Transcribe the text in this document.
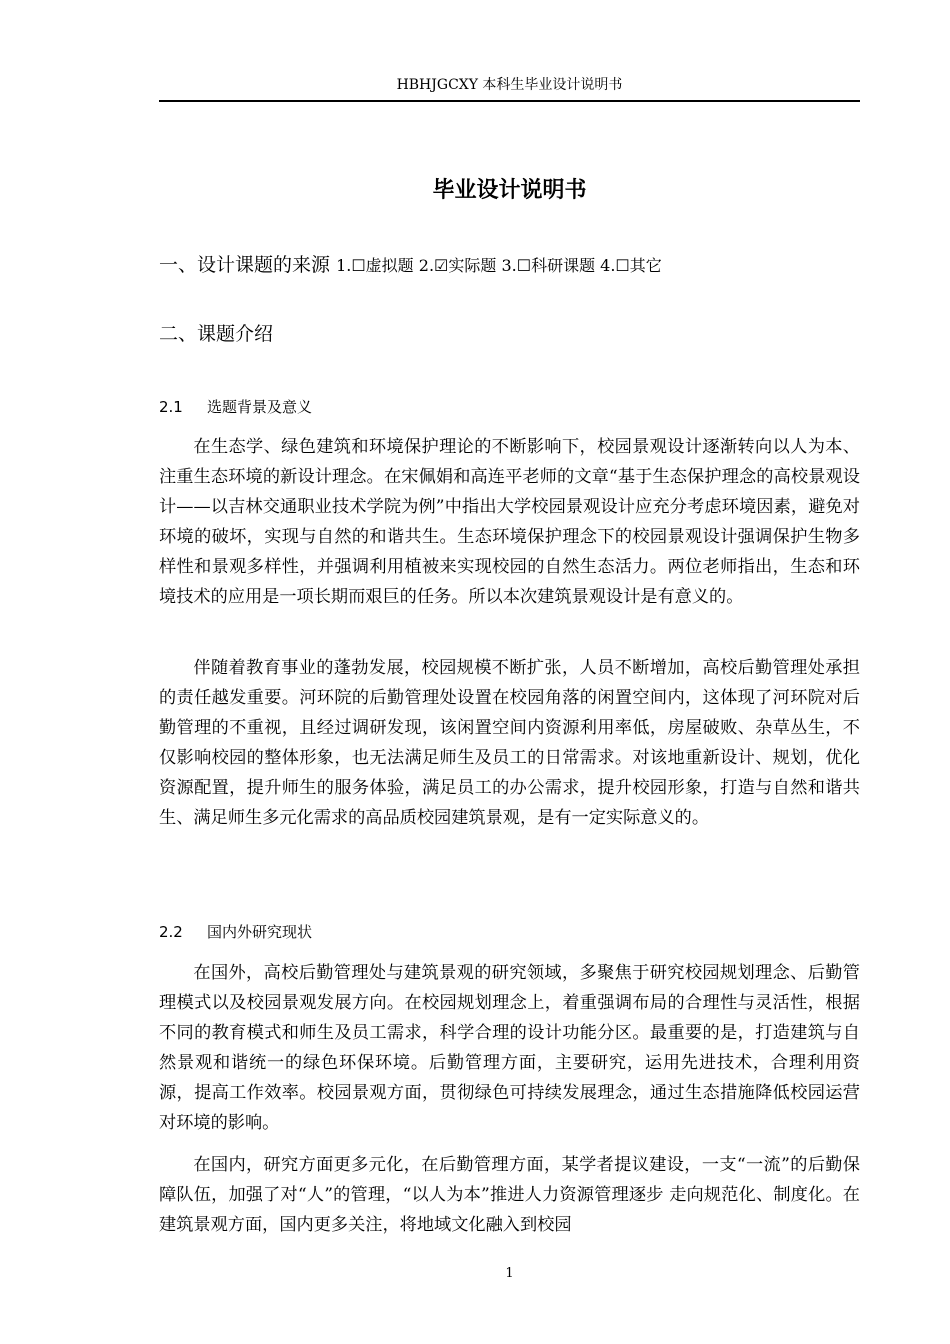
HBHJGCXY 本科生毕业设计说明书
毕业设计说明书
一、设计课题的来源 1.☐虚拟题 2.☑实际题 3.☐科研课题 4.☐其它
二、课题介绍
2.1 选题背景及意义

在生态学、绿色建筑和环境保护理论的不断影响下，校园景观设计逐渐转向以人为本、注重生态环境的新设计理念。在宋佩娟和高连平老师的文章“基于生态保护理念的高校景观设计——以吉林交通职业技术学院为例”中指出大学校园景观设计应充分考虑环境因素，避免对环境的破坏，实现与自然的和谐共生。生态环境保护理念下的校园景观设计强调保护生物多样性和景观多样性，并强调利用植被来实现校园的自然生态活力。两位老师指出，生态和环境技术的应用是一项长期而艰巨的任务。所以本次建筑景观设计是有意义的。

伴随着教育事业的蓬勃发展，校园规模不断扩张，人员不断增加，高校后勤管理处承担的责任越发重要。河环院的后勤管理处设置在校园角落的闲置空间内，这体现了河环院对后勤管理的不重视，且经过调研发现，该闲置空间内资源利用率低，房屋破败、杂草丛生，不仅影响校园的整体形象，也无法满足师生及员工的日常需求。对该地重新设计、规划，优化资源配置，提升师生的服务体验，满足员工的办公需求，提升校园形象，打造与自然和谐共生、满足师生多元化需求的高品质校园建筑景观，是有一定实际意义的。

2.2 国内外研究现状

在国外，高校后勤管理处与建筑景观的研究领域，多聚焦于研究校园规划理念、后勤管理模式以及校园景观发展方向。在校园规划理念上，着重强调布局的合理性与灵活性，根据不同的教育模式和师生及员工需求，科学合理的设计功能分区。最重要的是，打造建筑与自然景观和谐统一的绿色环保环境。后勤管理方面，主要研究，运用先进技术，合理利用资源，提高工作效率。校园景观方面，贯彻绿色可持续发展理念，通过生态措施降低校园运营对环境的影响。

在国内，研究方面更多元化，在后勤管理方面，某学者提议建设，一支“一流”的后勤保障队伍，加强了对“人”的管理，“以人为本”推进人力资源管理逐步 走向规范化、制度化。在建筑景观方面，国内更多关注，将地域文化融入到校园

1
